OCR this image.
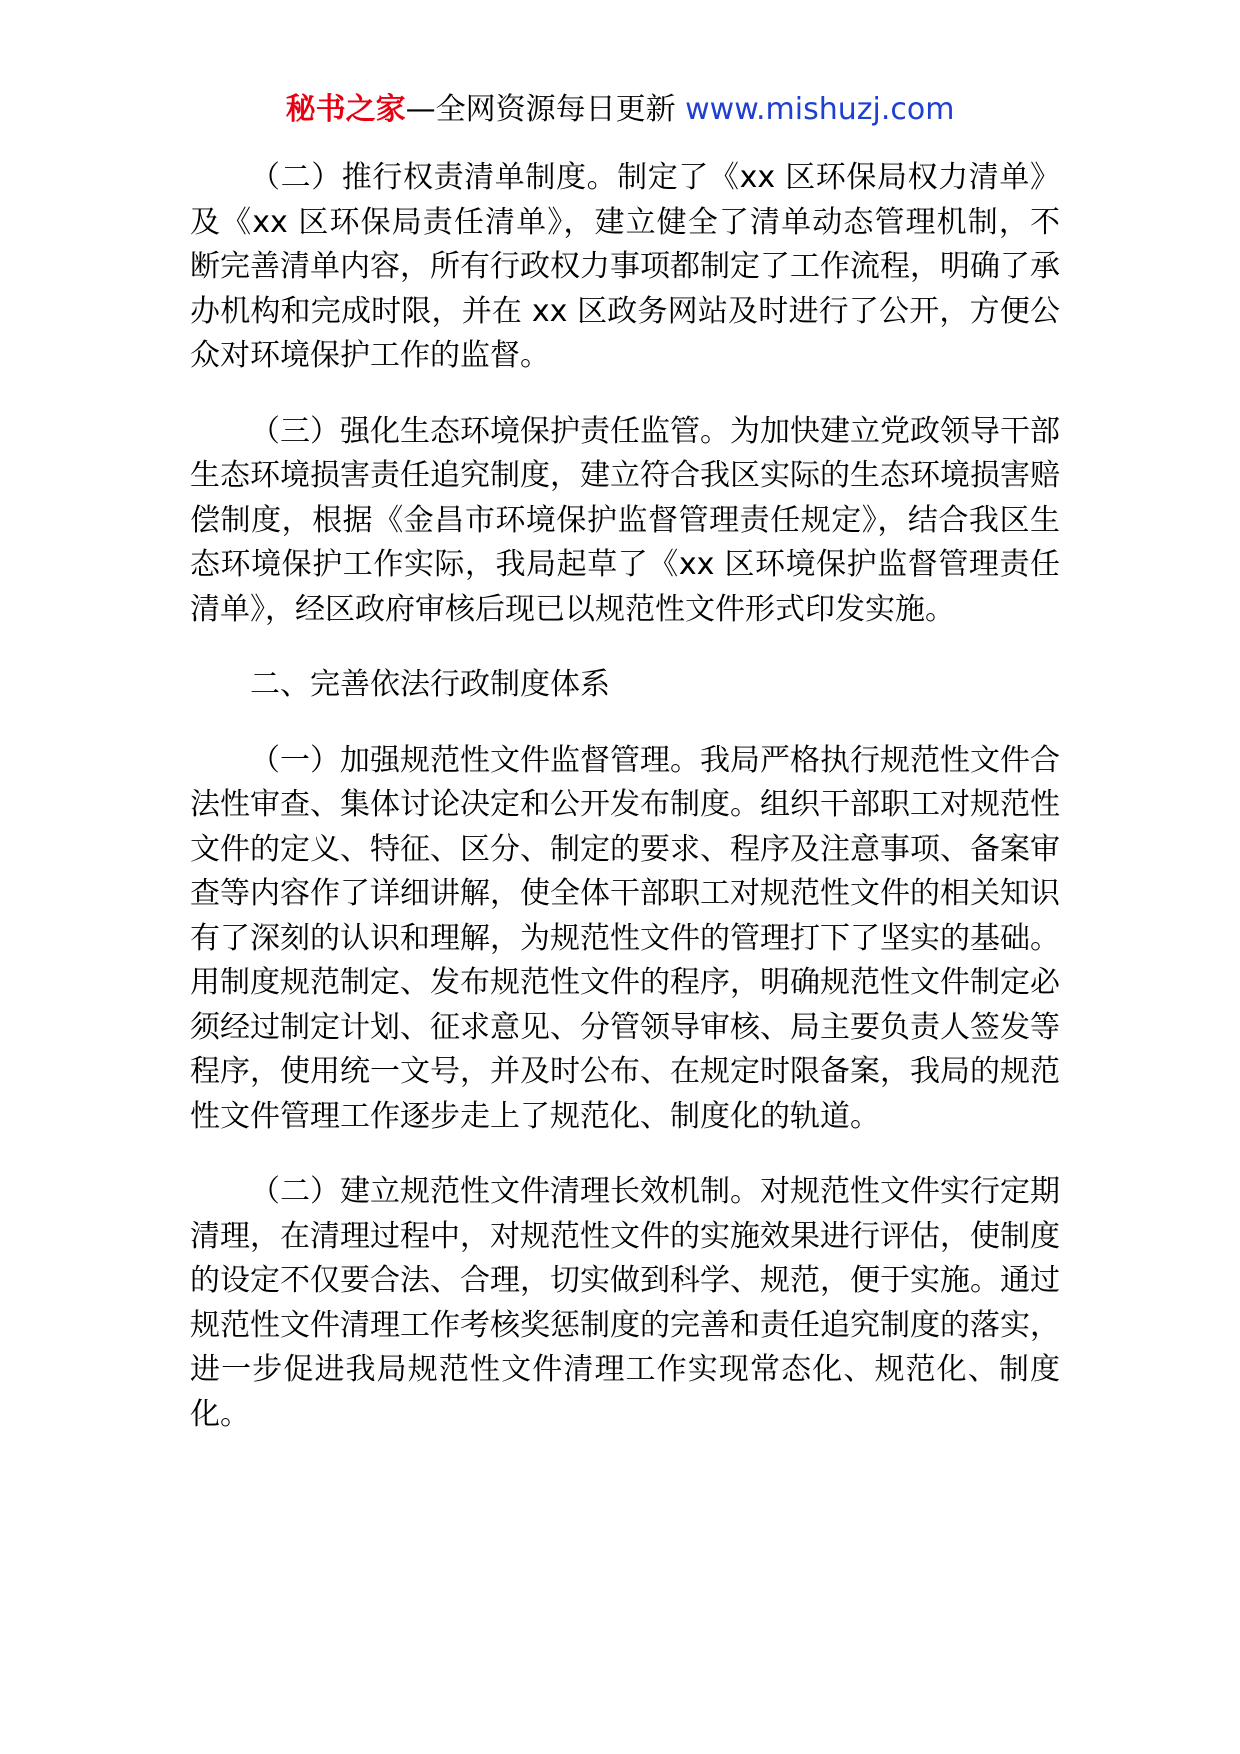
秘书之家—全网资源每日更新 www.mishuzj.com

（二）推行权责清单制度。制定了《xx 区环保局权力清单》及《xx 区环保局责任清单》，建立健全了清单动态管理机制，不断完善清单内容，所有行政权力事项都制定了工作流程，明确了承办机构和完成时限，并在 xx 区政务网站及时进行了公开，方便公众对环境保护工作的监督。

（三）强化生态环境保护责任监管。为加快建立党政领导干部生态环境损害责任追究制度，建立符合我区实际的生态环境损害赔偿制度，根据《金昌市环境保护监督管理责任规定》，结合我区生态环境保护工作实际，我局起草了《xx 区环境保护监督管理责任清单》，经区政府审核后现已以规范性文件形式印发实施。

二、完善依法行政制度体系

（一）加强规范性文件监督管理。我局严格执行规范性文件合法性审查、集体讨论决定和公开发布制度。组织干部职工对规范性文件的定义、特征、区分、制定的要求、程序及注意事项、备案审查等内容作了详细讲解，使全体干部职工对规范性文件的相关知识有了深刻的认识和理解，为规范性文件的管理打下了坚实的基础。用制度规范制定、发布规范性文件的程序，明确规范性文件制定必须经过制定计划、征求意见、分管领导审核、局主要负责人签发等程序，使用统一文号，并及时公布、在规定时限备案，我局的规范性文件管理工作逐步走上了规范化、制度化的轨道。

（二）建立规范性文件清理长效机制。对规范性文件实行定期清理，在清理过程中，对规范性文件的实施效果进行评估，使制度的设定不仅要合法、合理，切实做到科学、规范，便于实施。通过规范性文件清理工作考核奖惩制度的完善和责任追究制度的落实，进一步促进我局规范性文件清理工作实现常态化、规范化、制度化。
